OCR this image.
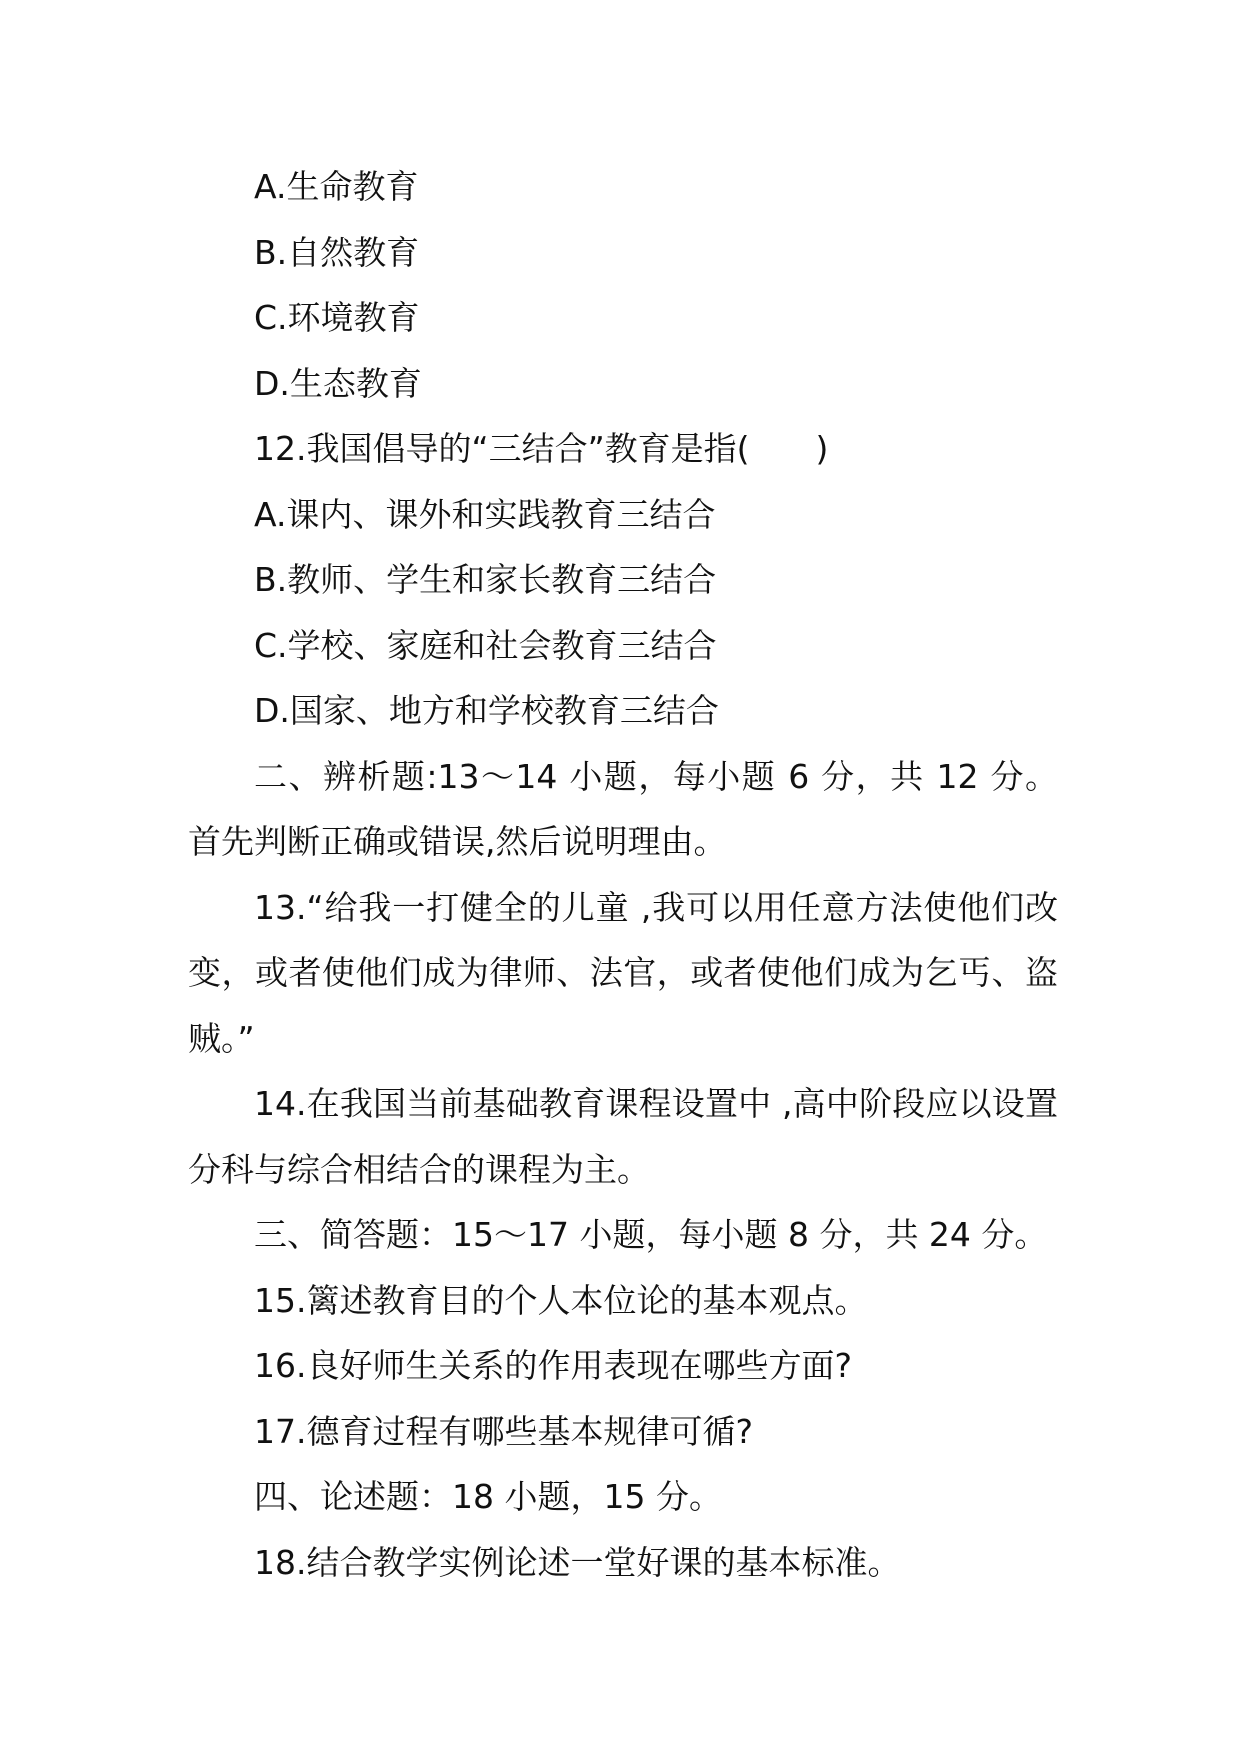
A.生命教育
B.自然教育
C.环境教育
D.生态教育
12.我国倡导的“三结合”教育是指(　　)
A.课内、课外和实践教育三结合
B.教师、学生和家长教育三结合
C.学校、家庭和社会教育三结合
D.国家、地方和学校教育三结合

二、辨析题:13～14 小题，每小题 6 分，共 12 分。首先判断正确或错误,然后说明理由。

13.“给我一打健全的儿童 ,我可以用任意方法使他们改变，或者使他们成为律师、法官，或者使他们成为乞丐、盗贼。”

14.在我国当前基础教育课程设置中 ,高中阶段应以设置分科与综合相结合的课程为主。

三、简答题：15～17 小题，每小题 8 分，共 24 分。
15.篱述教育目的个人本位论的基本观点。
16.良好师生关系的作用表现在哪些方面?
17.德育过程有哪些基本规律可循?
四、论述题：18 小题，15 分。
18.结合教学实例论述一堂好课的基本标准。
